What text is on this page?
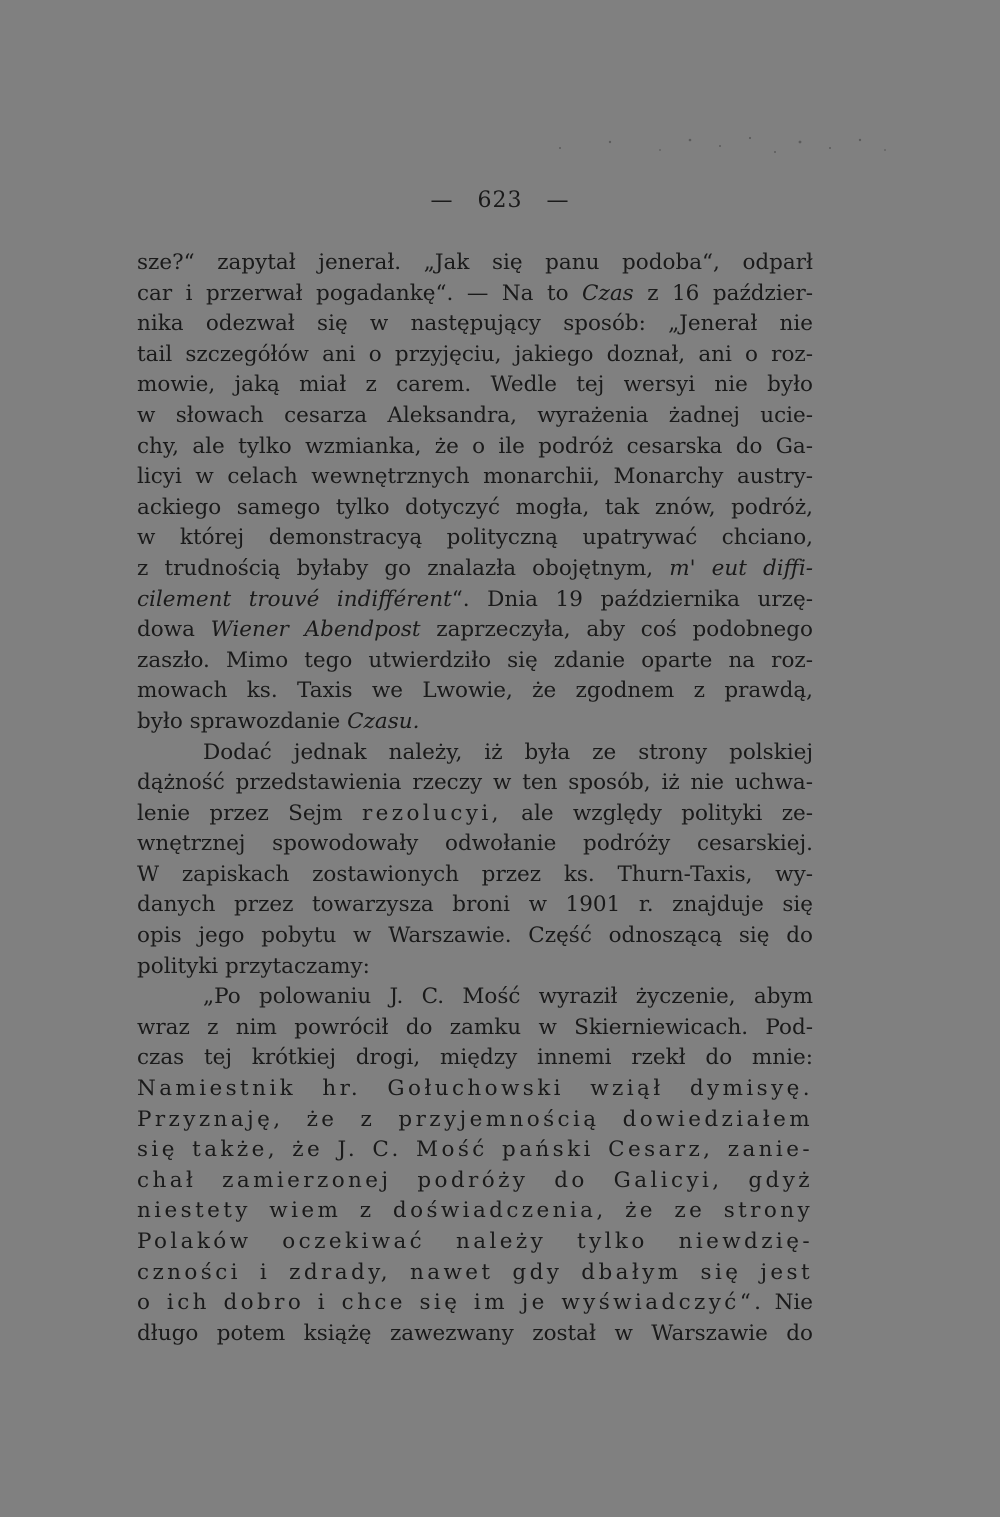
— 623 —
sze?“ zapytał jenerał. „Jak się panu podoba“, odparł
car i przerwał pogadankę“. — Na to Czas z 16 paździer-
nika odezwał się w następujący sposób: „Jenerał nie
tail szczegółów ani o przyjęciu, jakiego doznał, ani o roz-
mowie, jaką miał z carem. Wedle tej wersyi nie było
w słowach cesarza Aleksandra, wyrażenia żadnej ucie-
chy, ale tylko wzmianka, że o ile podróż cesarska do Ga-
licyi w celach wewnętrznych monarchii, Monarchy austry-
ackiego samego tylko dotyczyć mogła, tak znów, podróż,
w której demonstracyą polityczną upatrywać chciano,
z trudnością byłaby go znalazła obojętnym, m' eut diffi-
cilement trouvé indifférent“. Dnia 19 października urzę-
dowa Wiener Abendpost zaprzeczyła, aby coś podobnego
zaszło. Mimo tego utwierdziło się zdanie oparte na roz-
mowach ks. Taxis we Lwowie, że zgodnem z prawdą,
było sprawozdanie Czasu.
Dodać jednak należy, iż była ze strony polskiej
dążność przedstawienia rzeczy w ten sposób, iż nie uchwa-
lenie przez Sejm rezolucyi, ale względy polityki ze-
wnętrznej spowodowały odwołanie podróży cesarskiej.
W zapiskach zostawionych przez ks. Thurn-Taxis, wy-
danych przez towarzysza broni w 1901 r. znajduje się
opis jego pobytu w Warszawie. Część odnoszącą się do
polityki przytaczamy:
„Po polowaniu J. C. Mość wyraził życzenie, abym
wraz z nim powrócił do zamku w Skierniewicach. Pod-
czas tej krótkiej drogi, między innemi rzekł do mnie:
Namiestnik hr. Gołuchowski wziął dymisyę.
Przyznaję, że z przyjemnością dowiedziałem
się także, że J. C. Mość pański Cesarz, zanie-
chał zamierzonej podróży do Galicyi, gdyż
niestety wiem z doświadczenia, że ze strony
Polaków oczekiwać należy tylko niewdzię-
czności i zdrady, nawet gdy dbałym się jest
o ich dobro i chce się im je wyświadczyć“. Nie
długo potem książę zawezwany został w Warszawie do
